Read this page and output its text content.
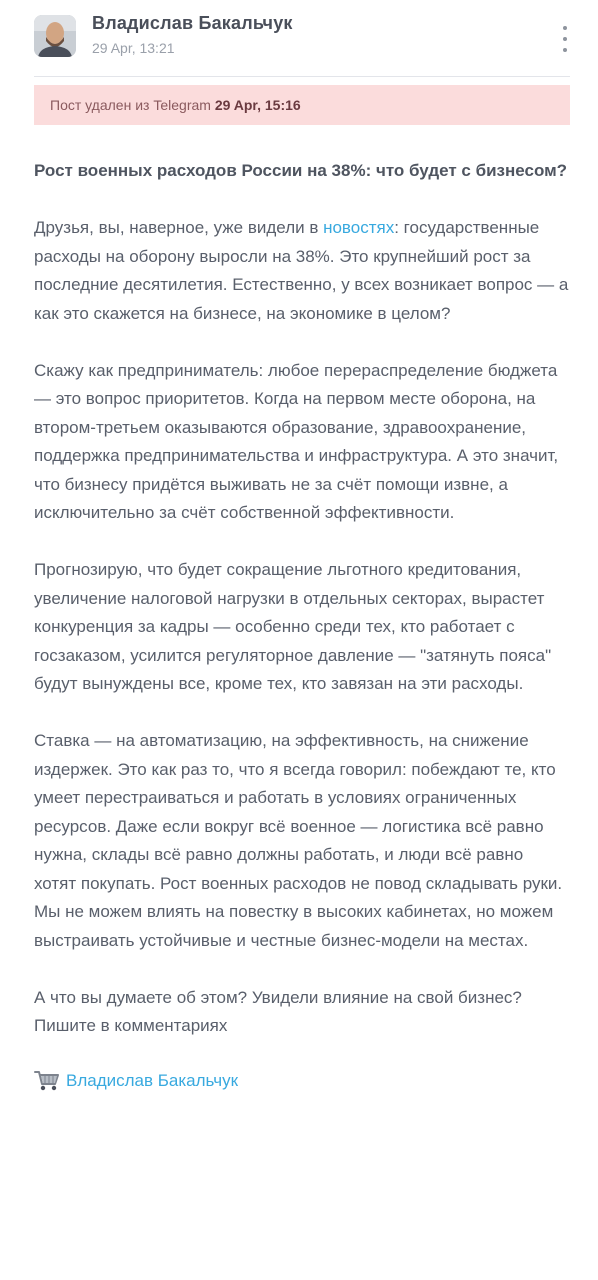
Владислав Бакальчук
29 Apr, 13:21
Пост удален из Telegram 29 Apr, 15:16
Рост военных расходов России на 38%: что будет с бизнесом?

Друзья, вы, наверное, уже видели в новостях: государственные расходы на оборону выросли на 38%. Это крупнейший рост за последние десятилетия. Естественно, у всех возникает вопрос — а как это скажется на бизнесе, на экономике в целом?

Скажу как предприниматель: любое перераспределение бюджета — это вопрос приоритетов. Когда на первом месте оборона, на втором-третьем оказываются образование, здравоохранение, поддержка предпринимательства и инфраструктура. А это значит, что бизнесу придётся выживать не за счёт помощи извне, а исключительно за счёт собственной эффективности.

Прогнозирую, что будет сокращение льготного кредитования, увеличение налоговой нагрузки в отдельных секторах, вырастет конкуренция за кадры — особенно среди тех, кто работает с госзаказом, усилится регуляторное давление — "затянуть пояса" будут вынуждены все, кроме тех, кто завязан на эти расходы.

Ставка — на автоматизацию, на эффективность, на снижение издержек. Это как раз то, что я всегда говорил: побеждают те, кто умеет перестраиваться и работать в условиях ограниченных ресурсов. Даже если вокруг всё военное — логистика всё равно нужна, склады всё равно должны работать, и люди всё равно хотят покупать. Рост военных расходов не повод складывать руки. Мы не можем влиять на повестку в высоких кабинетах, но можем выстраивать устойчивые и честные бизнес-модели на местах.

А что вы думаете об этом? Увидели влияние на свой бизнес? Пишите в комментариях

Владислав Бакальчук
